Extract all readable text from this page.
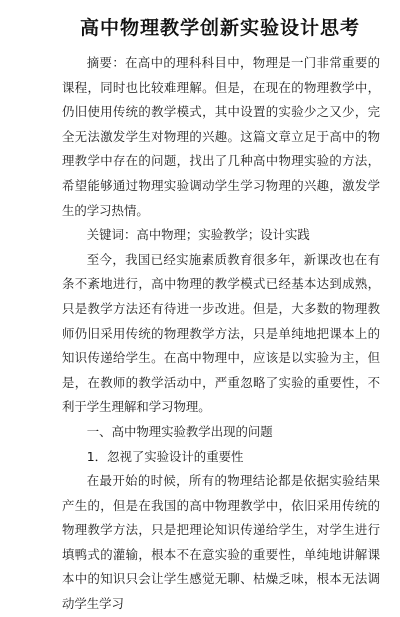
高中物理教学创新实验设计思考

摘要：在高中的理科科目中，物理是一门非常重要的课程，同时也比较难理解。但是，在现在的物理教学中，仍旧使用传统的教学模式，其中设置的实验少之又少，完全无法激发学生对物理的兴趣。这篇文章立足于高中的物理教学中存在的问题，找出了几种高中物理实验的方法，希望能够通过物理实验调动学生学习物理的兴趣，激发学生的学习热情。

关键词：高中物理；实验教学；设计实践

至今，我国已经实施素质教育很多年，新课改也在有条不紊地进行，高中物理的教学模式已经基本达到成熟，只是教学方法还有待进一步改进。但是，大多数的物理教师仍旧采用传统的物理教学方法，只是单纯地把课本上的知识传递给学生。在高中物理中，应该是以实验为主，但是，在教师的教学活动中，严重忽略了实验的重要性，不利于学生理解和学习物理。

一、高中物理实验教学出现的问题

1．忽视了实验设计的重要性

在最开始的时候，所有的物理结论都是依据实验结果产生的，但是在我国的高中物理教学中，依旧采用传统的物理教学方法，只是把理论知识传递给学生，对学生进行填鸭式的灌输，根本不在意实验的重要性，单纯地讲解课本中的知识只会让学生感觉无聊、枯燥乏味，根本无法调动学生学习
